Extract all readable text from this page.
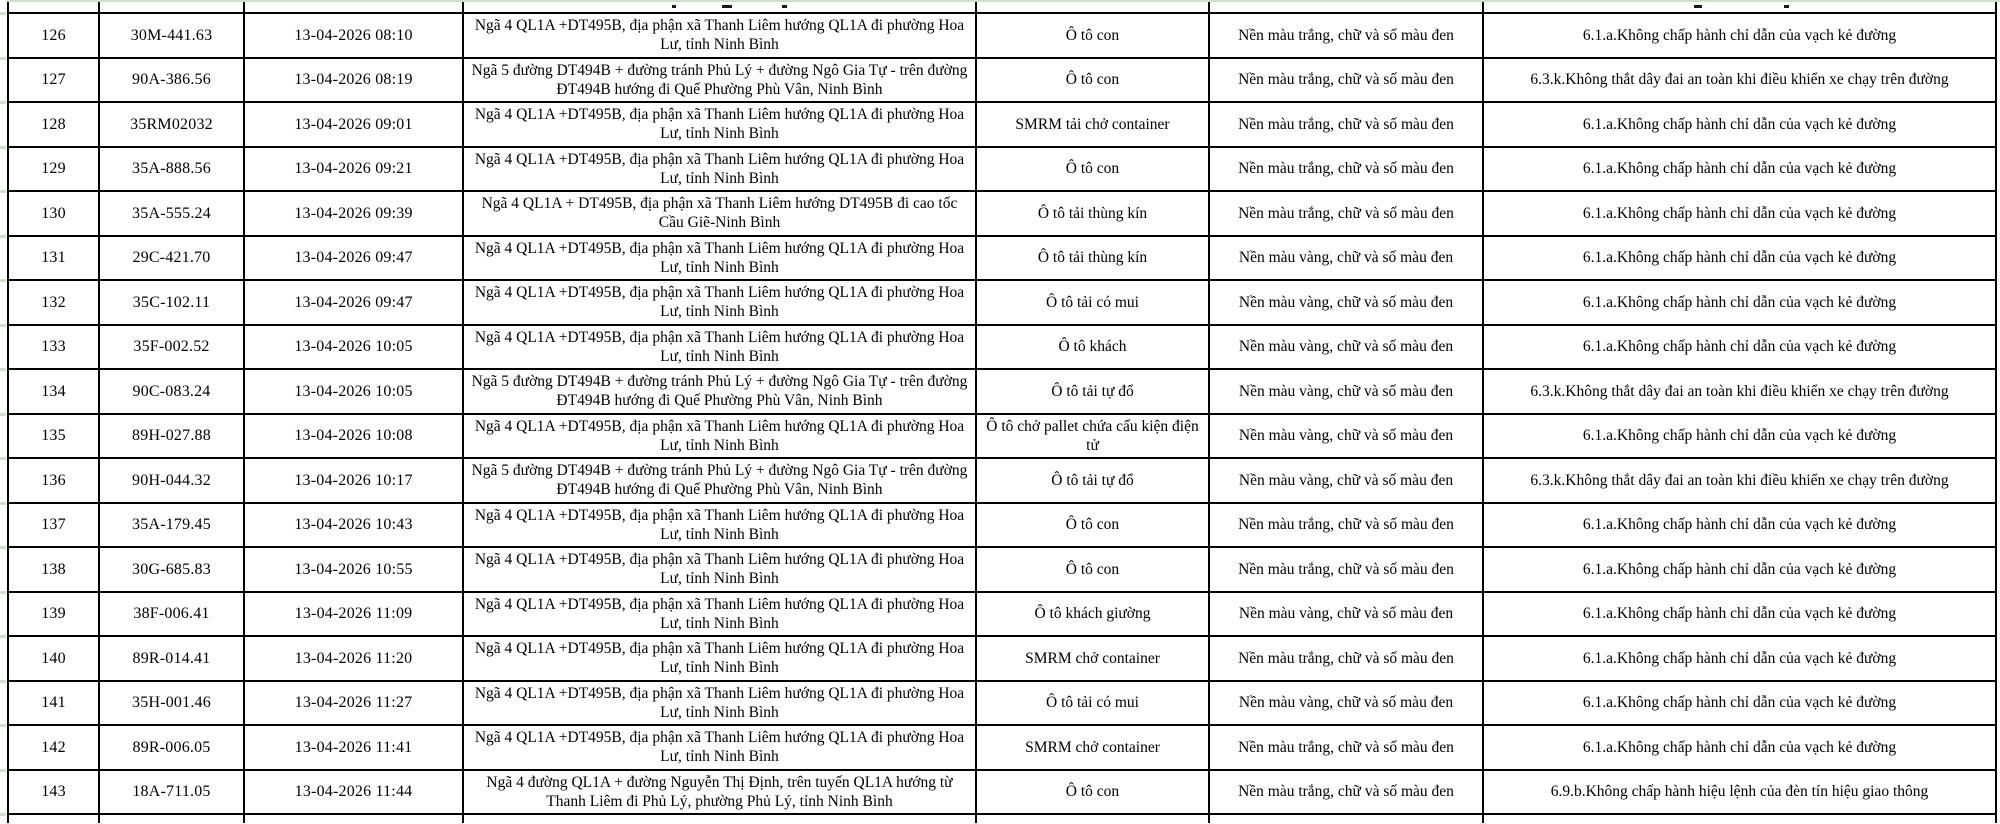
126	30M-441.63	13-04-2026 08:10	Ngã 4 QL1A +DT495B, địa phận xã Thanh Liêm hướng QL1A đi phường Hoa Lư, tỉnh Ninh Bình	Ô tô con	Nền màu trắng, chữ và số màu đen	6.1.a.Không chấp hành chỉ dẫn của vạch kẻ đường
127	90A-386.56	13-04-2026 08:19	Ngã 5 đường DT494B + đường tránh Phủ Lý + đường Ngô Gia Tự - trên đường ĐT494B hướng đi Quế Phường Phù Vân, Ninh Bình	Ô tô con	Nền màu trắng, chữ và số màu đen	6.3.k.Không thắt dây đai an toàn khi điều khiển xe chạy trên đường
128	35RM02032	13-04-2026 09:01	Ngã 4 QL1A +DT495B, địa phận xã Thanh Liêm hướng QL1A đi phường Hoa Lư, tỉnh Ninh Bình	SMRM tải chở container	Nền màu trắng, chữ và số màu đen	6.1.a.Không chấp hành chỉ dẫn của vạch kẻ đường
129	35A-888.56	13-04-2026 09:21	Ngã 4 QL1A +DT495B, địa phận xã Thanh Liêm hướng QL1A đi phường Hoa Lư, tỉnh Ninh Bình	Ô tô con	Nền màu trắng, chữ và số màu đen	6.1.a.Không chấp hành chỉ dẫn của vạch kẻ đường
130	35A-555.24	13-04-2026 09:39	Ngã 4 QL1A + DT495B, địa phận xã Thanh Liêm hướng DT495B đi cao tốc Cầu Giẽ-Ninh Bình	Ô tô tải thùng kín	Nền màu trắng, chữ và số màu đen	6.1.a.Không chấp hành chỉ dẫn của vạch kẻ đường
131	29C-421.70	13-04-2026 09:47	Ngã 4 QL1A +DT495B, địa phận xã Thanh Liêm hướng QL1A đi phường Hoa Lư, tỉnh Ninh Bình	Ô tô tải thùng kín	Nền màu vàng, chữ và số màu đen	6.1.a.Không chấp hành chỉ dẫn của vạch kẻ đường
132	35C-102.11	13-04-2026 09:47	Ngã 4 QL1A +DT495B, địa phận xã Thanh Liêm hướng QL1A đi phường Hoa Lư, tỉnh Ninh Bình	Ô tô tải có mui	Nền màu vàng, chữ và số màu đen	6.1.a.Không chấp hành chỉ dẫn của vạch kẻ đường
133	35F-002.52	13-04-2026 10:05	Ngã 4 QL1A +DT495B, địa phận xã Thanh Liêm hướng QL1A đi phường Hoa Lư, tỉnh Ninh Bình	Ô tô khách	Nền màu vàng, chữ và số màu đen	6.1.a.Không chấp hành chỉ dẫn của vạch kẻ đường
134	90C-083.24	13-04-2026 10:05	Ngã 5 đường DT494B + đường tránh Phủ Lý + đường Ngô Gia Tự - trên đường ĐT494B hướng đi Quế Phường Phù Vân, Ninh Bình	Ô tô tải tự đổ	Nền màu vàng, chữ và số màu đen	6.3.k.Không thắt dây đai an toàn khi điều khiển xe chạy trên đường
135	89H-027.88	13-04-2026 10:08	Ngã 4 QL1A +DT495B, địa phận xã Thanh Liêm hướng QL1A đi phường Hoa Lư, tỉnh Ninh Bình	Ô tô chở pallet chứa cấu kiện điện tử	Nền màu vàng, chữ và số màu đen	6.1.a.Không chấp hành chỉ dẫn của vạch kẻ đường
136	90H-044.32	13-04-2026 10:17	Ngã 5 đường DT494B + đường tránh Phủ Lý + đường Ngô Gia Tự - trên đường ĐT494B hướng đi Quế Phường Phù Vân, Ninh Bình	Ô tô tải tự đổ	Nền màu vàng, chữ và số màu đen	6.3.k.Không thắt dây đai an toàn khi điều khiển xe chạy trên đường
137	35A-179.45	13-04-2026 10:43	Ngã 4 QL1A +DT495B, địa phận xã Thanh Liêm hướng QL1A đi phường Hoa Lư, tỉnh Ninh Bình	Ô tô con	Nền màu trắng, chữ và số màu đen	6.1.a.Không chấp hành chỉ dẫn của vạch kẻ đường
138	30G-685.83	13-04-2026 10:55	Ngã 4 QL1A +DT495B, địa phận xã Thanh Liêm hướng QL1A đi phường Hoa Lư, tỉnh Ninh Bình	Ô tô con	Nền màu trắng, chữ và số màu đen	6.1.a.Không chấp hành chỉ dẫn của vạch kẻ đường
139	38F-006.41	13-04-2026 11:09	Ngã 4 QL1A +DT495B, địa phận xã Thanh Liêm hướng QL1A đi phường Hoa Lư, tỉnh Ninh Bình	Ô tô khách giường	Nền màu vàng, chữ và số màu đen	6.1.a.Không chấp hành chỉ dẫn của vạch kẻ đường
140	89R-014.41	13-04-2026 11:20	Ngã 4 QL1A +DT495B, địa phận xã Thanh Liêm hướng QL1A đi phường Hoa Lư, tỉnh Ninh Bình	SMRM chở container	Nền màu trắng, chữ và số màu đen	6.1.a.Không chấp hành chỉ dẫn của vạch kẻ đường
141	35H-001.46	13-04-2026 11:27	Ngã 4 QL1A +DT495B, địa phận xã Thanh Liêm hướng QL1A đi phường Hoa Lư, tỉnh Ninh Bình	Ô tô tải có mui	Nền màu vàng, chữ và số màu đen	6.1.a.Không chấp hành chỉ dẫn của vạch kẻ đường
142	89R-006.05	13-04-2026 11:41	Ngã 4 QL1A +DT495B, địa phận xã Thanh Liêm hướng QL1A đi phường Hoa Lư, tỉnh Ninh Bình	SMRM chở container	Nền màu trắng, chữ và số màu đen	6.1.a.Không chấp hành chỉ dẫn của vạch kẻ đường
143	18A-711.05	13-04-2026 11:44	Ngã 4 đường QL1A + đường Nguyễn Thị Định, trên tuyến QL1A hướng từ Thanh Liêm đi Phủ Lý, phường Phủ Lý, tỉnh Ninh Bình	Ô tô con	Nền màu trắng, chữ và số màu đen	6.9.b.Không chấp hành hiệu lệnh của đèn tín hiệu giao thông
